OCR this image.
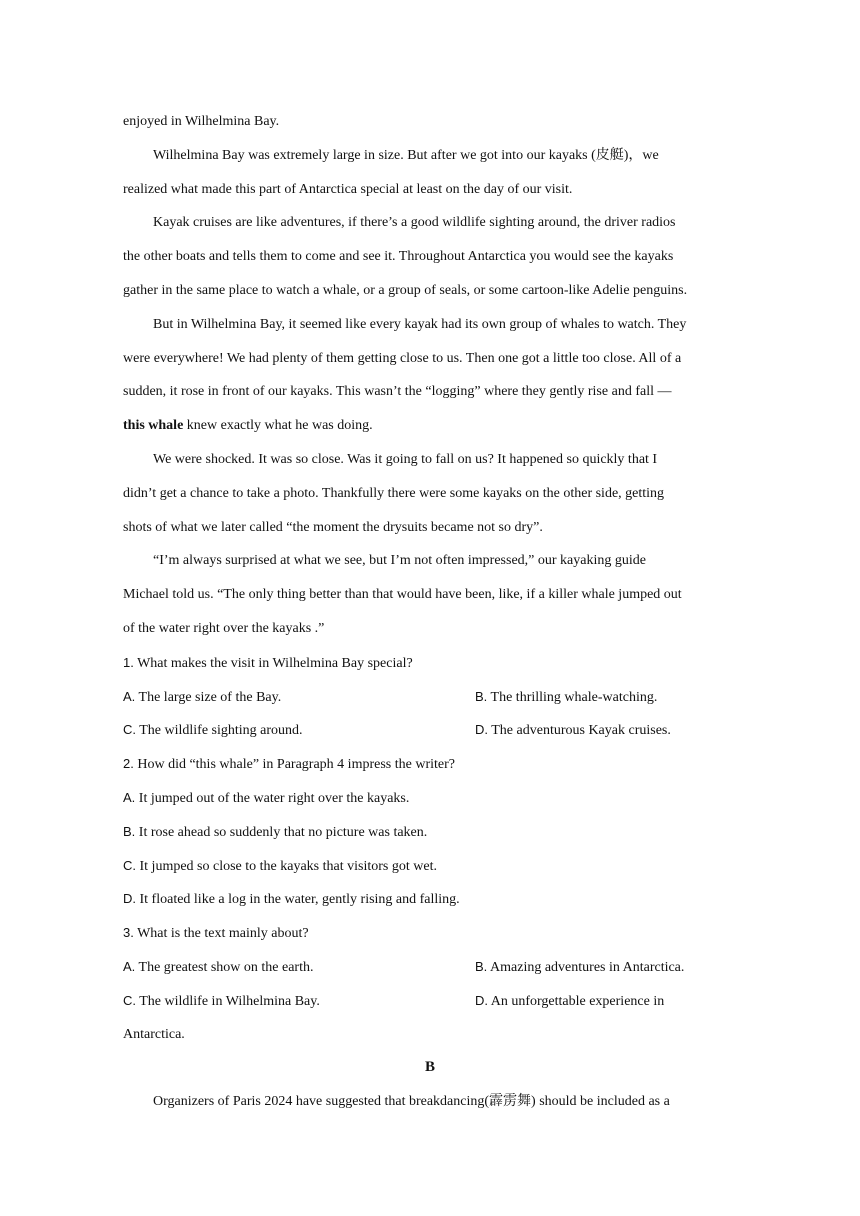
enjoyed in Wilhelmina Bay.
Wilhelmina Bay was extremely large in size. But after we got into our kayaks (皮艇)，we
realized what made this part of Antarctica special at least on the day of our visit.
Kayak cruises are like adventures, if there’s a good wildlife sighting around, the driver radios
the other boats and tells them to come and see it. Throughout Antarctica you would see the kayaks
gather in the same place to watch a whale, or a group of seals, or some cartoon-like Adelie penguins.
But in Wilhelmina Bay, it seemed like every kayak had its own group of whales to watch. They
were everywhere! We had plenty of them getting close to us. Then one got a little too close. All of a
sudden, it rose in front of our kayaks. This wasn’t the “logging” where they gently rise and fall —
this whale knew exactly what he was doing.
We were shocked. It was so close. Was it going to fall on us? It happened so quickly that I
didn’t get a chance to take a photo. Thankfully there were some kayaks on the other side, getting
shots of what we later called “the moment the drysuits became not so dry”.
“I’m always surprised at what we see, but I’m not often impressed,” our kayaking guide
Michael told us. “The only thing better than that would have been, like, if a killer whale jumped out
of the water right over the kayaks .”
1. What makes the visit in Wilhelmina Bay special?
A. The large size of the Bay.	B. The thrilling whale-watching.
C. The wildlife sighting around.	D. The adventurous Kayak cruises.
2. How did “this whale” in Paragraph 4 impress the writer?
A. It jumped out of the water right over the kayaks.
B. It rose ahead so suddenly that no picture was taken.
C. It jumped so close to the kayaks that visitors got wet.
D. It floated like a log in the water, gently rising and falling.
3. What is the text mainly about?
A. The greatest show on the earth.	B. Amazing adventures in Antarctica.
C. The wildlife in Wilhelmina Bay.	D. An unforgettable experience in
Antarctica.
B
Organizers of Paris 2024 have suggested that breakdancing(霹雳舞) should be included as a
